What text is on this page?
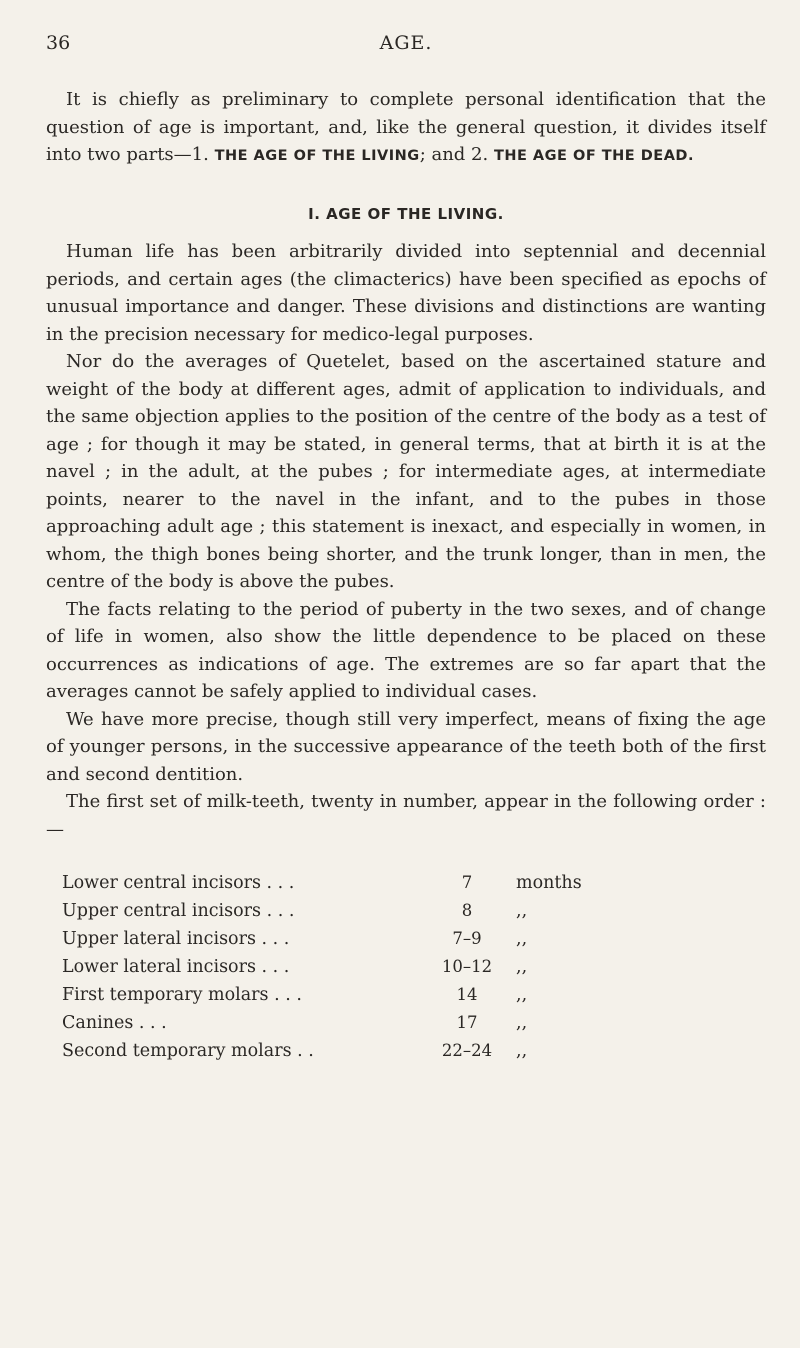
36	AGE.

It is chiefly as preliminary to complete personal identification that the question of age is important, and, like the general question, it divides itself into two parts—1. THE AGE OF THE LIVING; and 2. THE AGE OF THE DEAD.

I. AGE OF THE LIVING.

Human life has been arbitrarily divided into septennial and decennial periods, and certain ages (the climacterics) have been specified as epochs of unusual importance and danger. These divisions and distinctions are wanting in the precision necessary for medico-legal purposes.

Nor do the averages of Quetelet, based on the ascertained stature and weight of the body at different ages, admit of application to individuals, and the same objection applies to the position of the centre of the body as a test of age ; for though it may be stated, in general terms, that at birth it is at the navel ; in the adult, at the pubes ; for intermediate ages, at intermediate points, nearer to the navel in the infant, and to the pubes in those approaching adult age ; this statement is inexact, and especially in women, in whom, the thigh bones being shorter, and the trunk longer, than in men, the centre of the body is above the pubes.

The facts relating to the period of puberty in the two sexes, and of change of life in women, also show the little dependence to be placed on these occurrences as indications of age. The extremes are so far apart that the averages cannot be safely applied to individual cases.

We have more precise, though still very imperfect, means of fixing the age of younger persons, in the successive appearance of the teeth both of the first and second dentition.

The first set of milk-teeth, twenty in number, appear in the following order :—

Lower central incisors . . .	7	months
Upper central incisors . . .	8	,,
Upper lateral incisors . . .	7–9	,,
Lower lateral incisors . . .	10–12	,,
First temporary molars . . .	14	,,
Canines . . .	17	,,
Second temporary molars . .	22–24	,,
